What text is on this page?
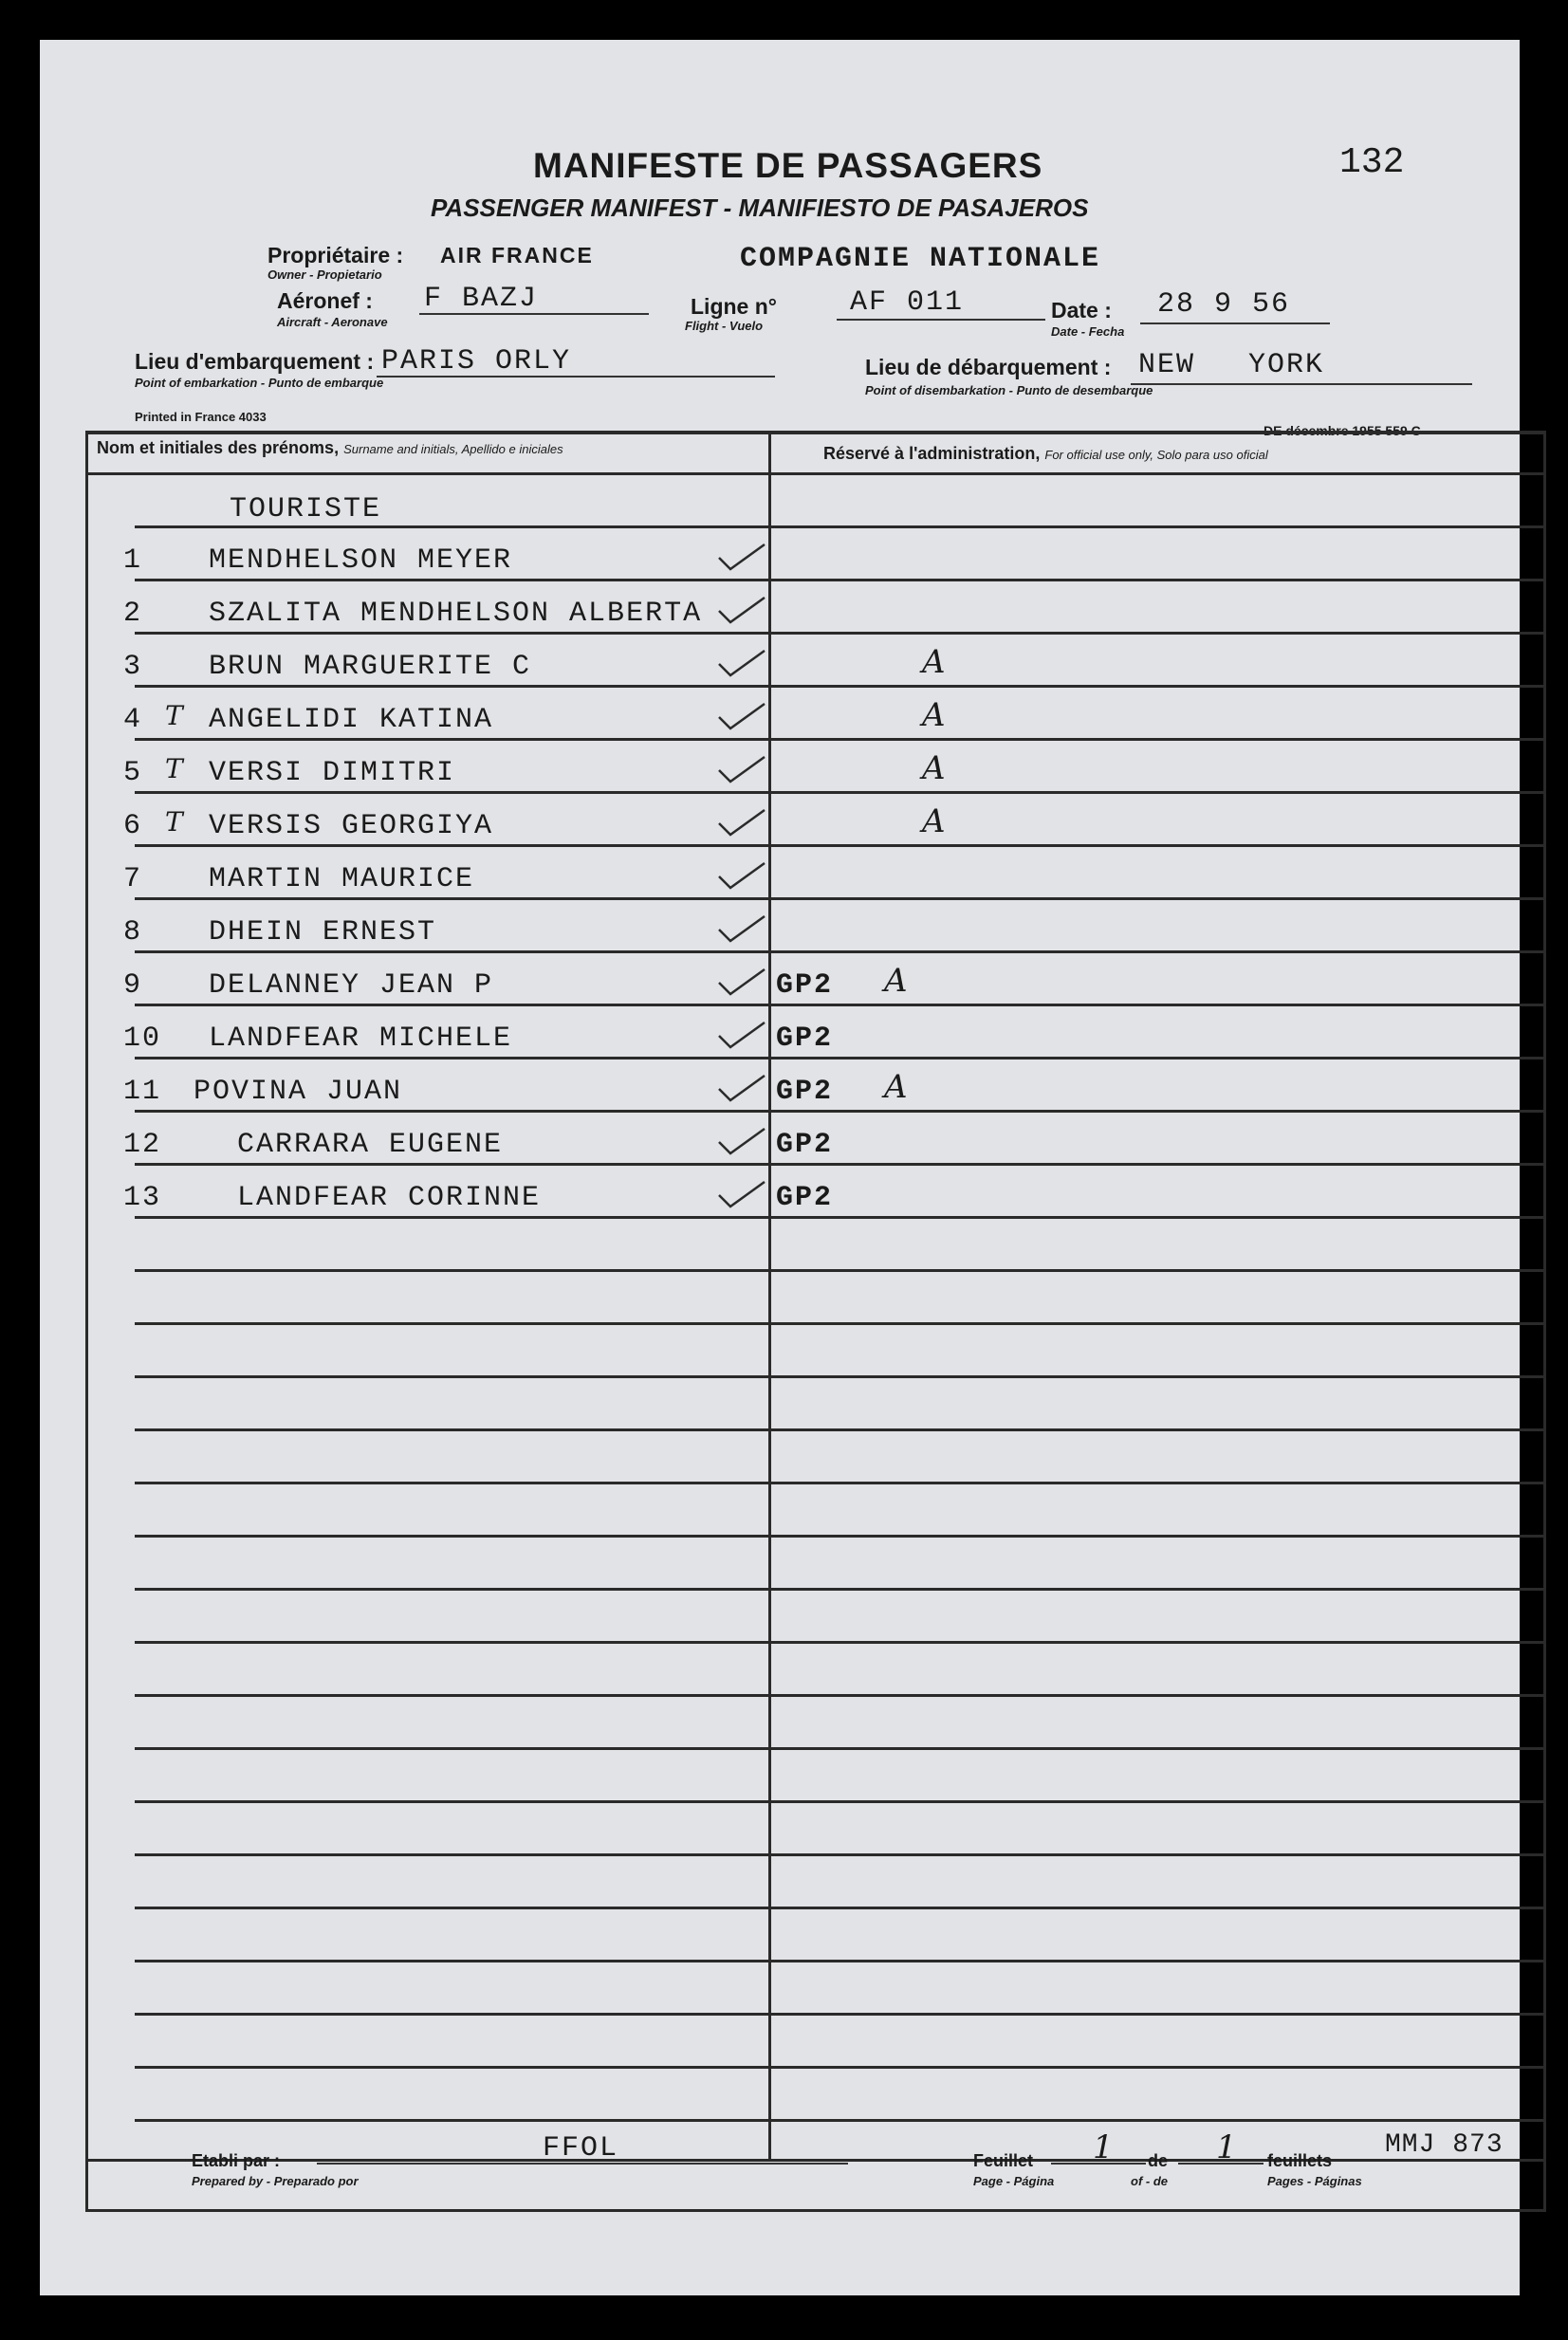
MANIFESTE DE PASSAGERS
PASSENGER MANIFEST - MANIFIESTO DE PASAJEROS
132
Propriétaire : AIR FRANCE
Owner - Propietario	COMPAGNIE NATIONALE
Aéronef : F BAZJ
Aircraft - Aeronave
Ligne n°	AF 011
Flight - Vuelo
Date : 28 9 56
Date - Fecha
Lieu d'embarquement : PARIS ORLY
Point of embarkation - Punto de embarque
Lieu de débarquement : NEW YORK
Point of disembarkation - Punto de desembarque
Printed in France 4033
DE décembre 1955 559 C
Nom et initiales des prénoms, Surname and initials, Apellido e iniciales	Réservé à l'administration, For official use only, Solo para uso oficial
TOURISTE
1 MENDHELSON MEYER
2 SZALITA MENDHELSON ALBERTA
3 BRUN MARGUERITE C	A
4 T ANGELIDI KATINA	A
5 T VERSI DIMITRI	A
6 T VERSIS GEORGIYA	A
7 MARTIN MAURICE
8 DHEIN ERNEST
9 DELANNEY JEAN P	GP2 A
10 LANDFEAR MICHELE	GP2
11 POVINA JUAN	GP2 A
12	CARRARA EUGENE	GP2
13	LANDFEAR CORINNE	GP2
Etabli par :	FFOL
Prepared by - Preparado por
Feuillet 1 de 1 feuillets
Page - Página	of - de	Pages - Páginas
MMJ 873
